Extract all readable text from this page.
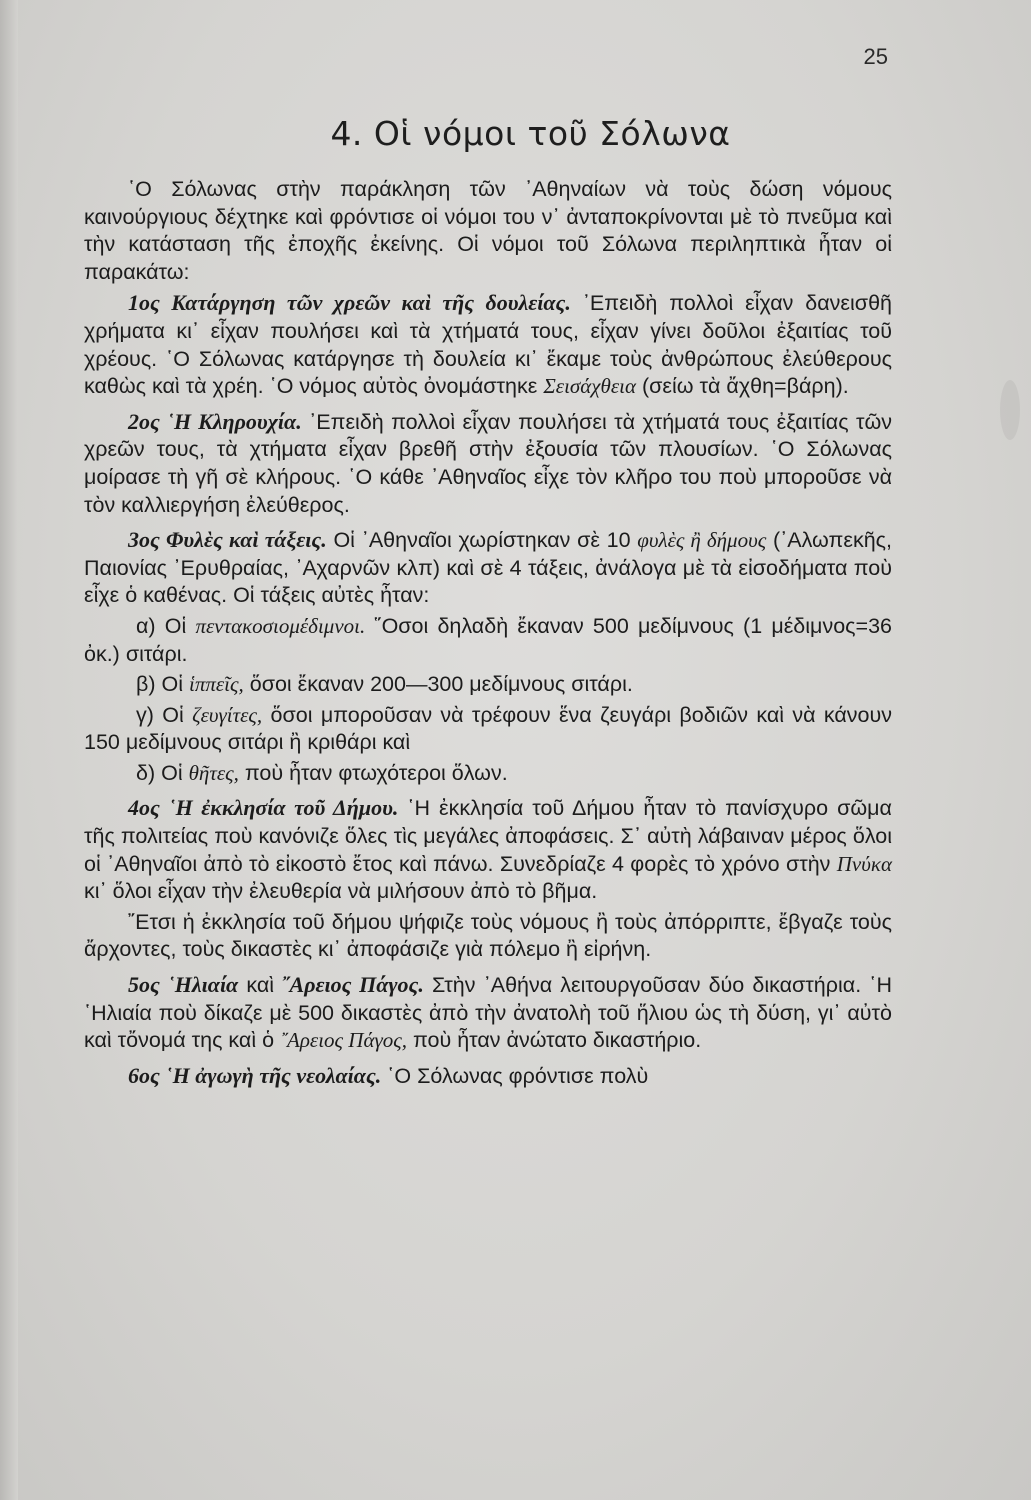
25
4. Οἱ νόμοι τοῦ Σόλωνα

῾Ο Σόλωνας στὴν παράκληση τῶν ᾿Αθηναίων νὰ τοὺς δώση νόμους καινούργιους δέχτηκε καὶ φρόντισε οἱ νόμοι του ν᾿ ἀνταποκρίνονται μὲ τὸ πνεῦμα καὶ τὴν κατάσταση τῆς ἐποχῆς ἐκείνης. Οἱ νόμοι τοῦ Σόλωνα περιληπτικὰ ἦταν οἱ παρακάτω:

1ος Κατάργηση τῶν χρεῶν καὶ τῆς δουλείας. ᾿Επειδὴ πολλοὶ εἶχαν δανεισθῆ χρήματα κι᾿ εἶχαν πουλήσει καὶ τὰ χτήματά τους, εἶχαν γίνει δοῦλοι ἐξαιτίας τοῦ χρέους. ῾Ο Σόλωνας κατάργησε τὴ δουλεία κι᾿ ἔκαμε τοὺς ἀνθρώπους ἐλεύθερους καθὼς καὶ τὰ χρέη. ῾Ο νόμος αὐτὸς ὀνομάστηκε Σεισάχθεια (σείω τὰ ἄχθη=βάρη).

2ος ῾Η Κληρουχία. ᾿Επειδὴ πολλοὶ εἶχαν πουλήσει τὰ χτήματά τους ἐξαιτίας τῶν χρεῶν τους, τὰ χτήματα εἶχαν βρεθῆ στὴν ἐξουσία τῶν πλουσίων. ῾Ο Σόλωνας μοίρασε τὴ γῆ σὲ κλήρους. ῾Ο κάθε ᾿Αθηναῖος εἶχε τὸν κλῆρο του ποὺ μποροῦσε νὰ τὸν καλλιεργήση ἐλεύθερος.

3ος Φυλὲς καὶ τάξεις. Οἱ ᾿Αθηναῖοι χωρίστηκαν σὲ 10 φυλὲς ἢ δήμους (᾿Αλωπεκῆς, Παιονίας ᾿Ερυθραίας, ᾿Αχαρνῶν κλπ) καὶ σὲ 4 τάξεις, ἀνάλογα μὲ τὰ εἰσοδήματα ποὺ εἶχε ὁ καθένας. Οἱ τάξεις αὐτὲς ἦταν:

α) Οἱ πεντακοσιομέδιμνοι. ῞Οσοι δηλαδὴ ἔκαναν 500 μεδίμνους (1 μέδιμνος=36 ὀκ.) σιτάρι.

β) Οἱ ἱππεῖς, ὅσοι ἔκαναν 200—300 μεδίμνους σιτάρι.

γ) Οἱ ζευγίτες, ὅσοι μποροῦσαν νὰ τρέφουν ἕνα ζευγάρι βοδιῶν καὶ νὰ κάνουν 150 μεδίμνους σιτάρι ἢ κριθάρι καὶ

δ) Οἱ θῆτες, ποὺ ἦταν φτωχότεροι ὅλων.

4ος ῾Η ἐκκλησία τοῦ Δήμου. ῾Η ἐκκλησία τοῦ Δήμου ἦταν τὸ πανίσχυρο σῶμα τῆς πολιτείας ποὺ κανόνιζε ὅλες τὶς μεγάλες ἀποφάσεις. Σ᾿ αὐτὴ λάβαιναν μέρος ὅλοι οἱ ᾿Αθηναῖοι ἀπὸ τὸ εἰκοστὸ ἔτος καὶ πάνω. Συνεδρίαζε 4 φορὲς τὸ χρόνο στὴν Πνύκα κι᾿ ὅλοι εἶχαν τὴν ἐλευθερία νὰ μιλήσουν ἀπὸ τὸ βῆμα.

῎Ετσι ἡ ἐκκλησία τοῦ δήμου ψήφιζε τοὺς νόμους ἢ τοὺς ἀπόρριπτε, ἔβγαζε τοὺς ἄρχοντες, τοὺς δικαστὲς κι᾿ ἀποφάσιζε γιὰ πόλεμο ἢ εἰρήνη.

5ος ῾Ηλιαία καὶ ῎Αρειος Πάγος. Στὴν ᾿Αθήνα λειτουργοῦσαν δύο δικαστήρια. ῾Η ῾Ηλιαία ποὺ δίκαζε μὲ 500 δικαστὲς ἀπὸ τὴν ἀνατολὴ τοῦ ἥλιου ὡς τὴ δύση, γι᾿ αὐτὸ καὶ τὄνομά της καὶ ὁ ῎Αρειος Πάγος, ποὺ ἦταν ἀνώτατο δικαστήριο.

6ος ῾Η ἀγωγὴ τῆς νεολαίας. ῾Ο Σόλωνας φρόντισε πολὺ
